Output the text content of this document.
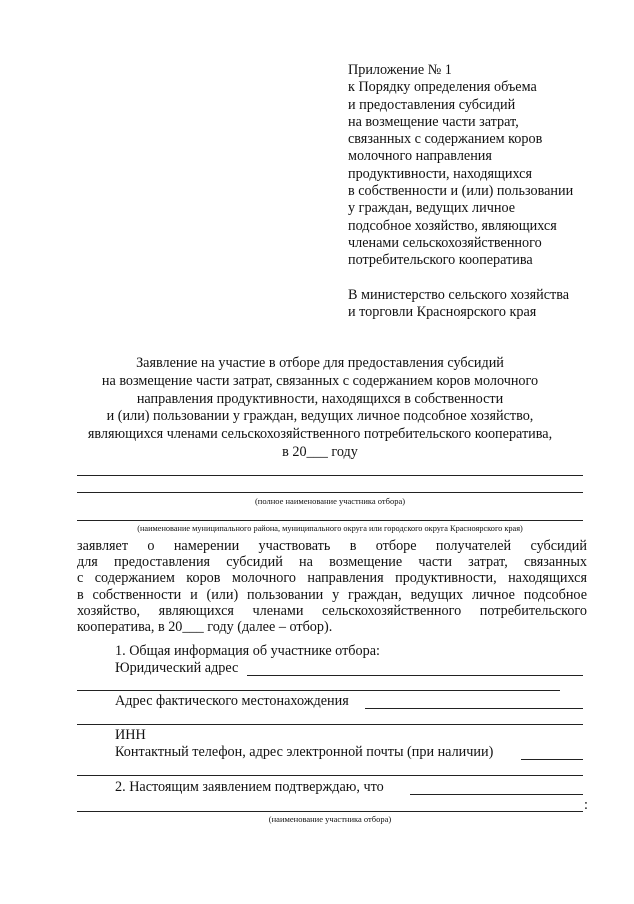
Приложение № 1
к Порядку определения объема
и предоставления субсидий
на возмещение части затрат,
связанных с содержанием коров
молочного направления
продуктивности, находящихся
в собственности и (или) пользовании
у граждан, ведущих личное
подсобное хозяйство, являющихся
членами сельскохозяйственного
потребительского кооператива
В министерство сельского хозяйства
и торговли Красноярского края
Заявление на участие в отборе для предоставления субсидий
на возмещение части затрат, связанных с содержанием коров молочного
направления продуктивности, находящихся в собственности
и (или) пользовании у граждан, ведущих личное подсобное хозяйство,
являющихся членами сельскохозяйственного потребительского кооператива,
в 20___ году
(полное наименование участника отбора)
(наименование муниципального района, муниципального округа или городского округа Красноярского края)
заявляет о намерении участвовать в отборе получателей субсидий
для предоставления субсидий на возмещение части затрат, связанных
с содержанием коров молочного направления продуктивности, находящихся
в собственности и (или) пользовании у граждан, ведущих личное подсобное
хозяйство, являющихся членами сельскохозяйственного потребительского
кооператива, в 20___ году (далее – отбор).
1. Общая информация об участнике отбора:
Юридический адрес
Адрес фактического местонахождения
ИНН
Контактный телефон, адрес электронной почты (при наличии)
2. Настоящим заявлением подтверждаю, что
:
(наименование участника отбора)
